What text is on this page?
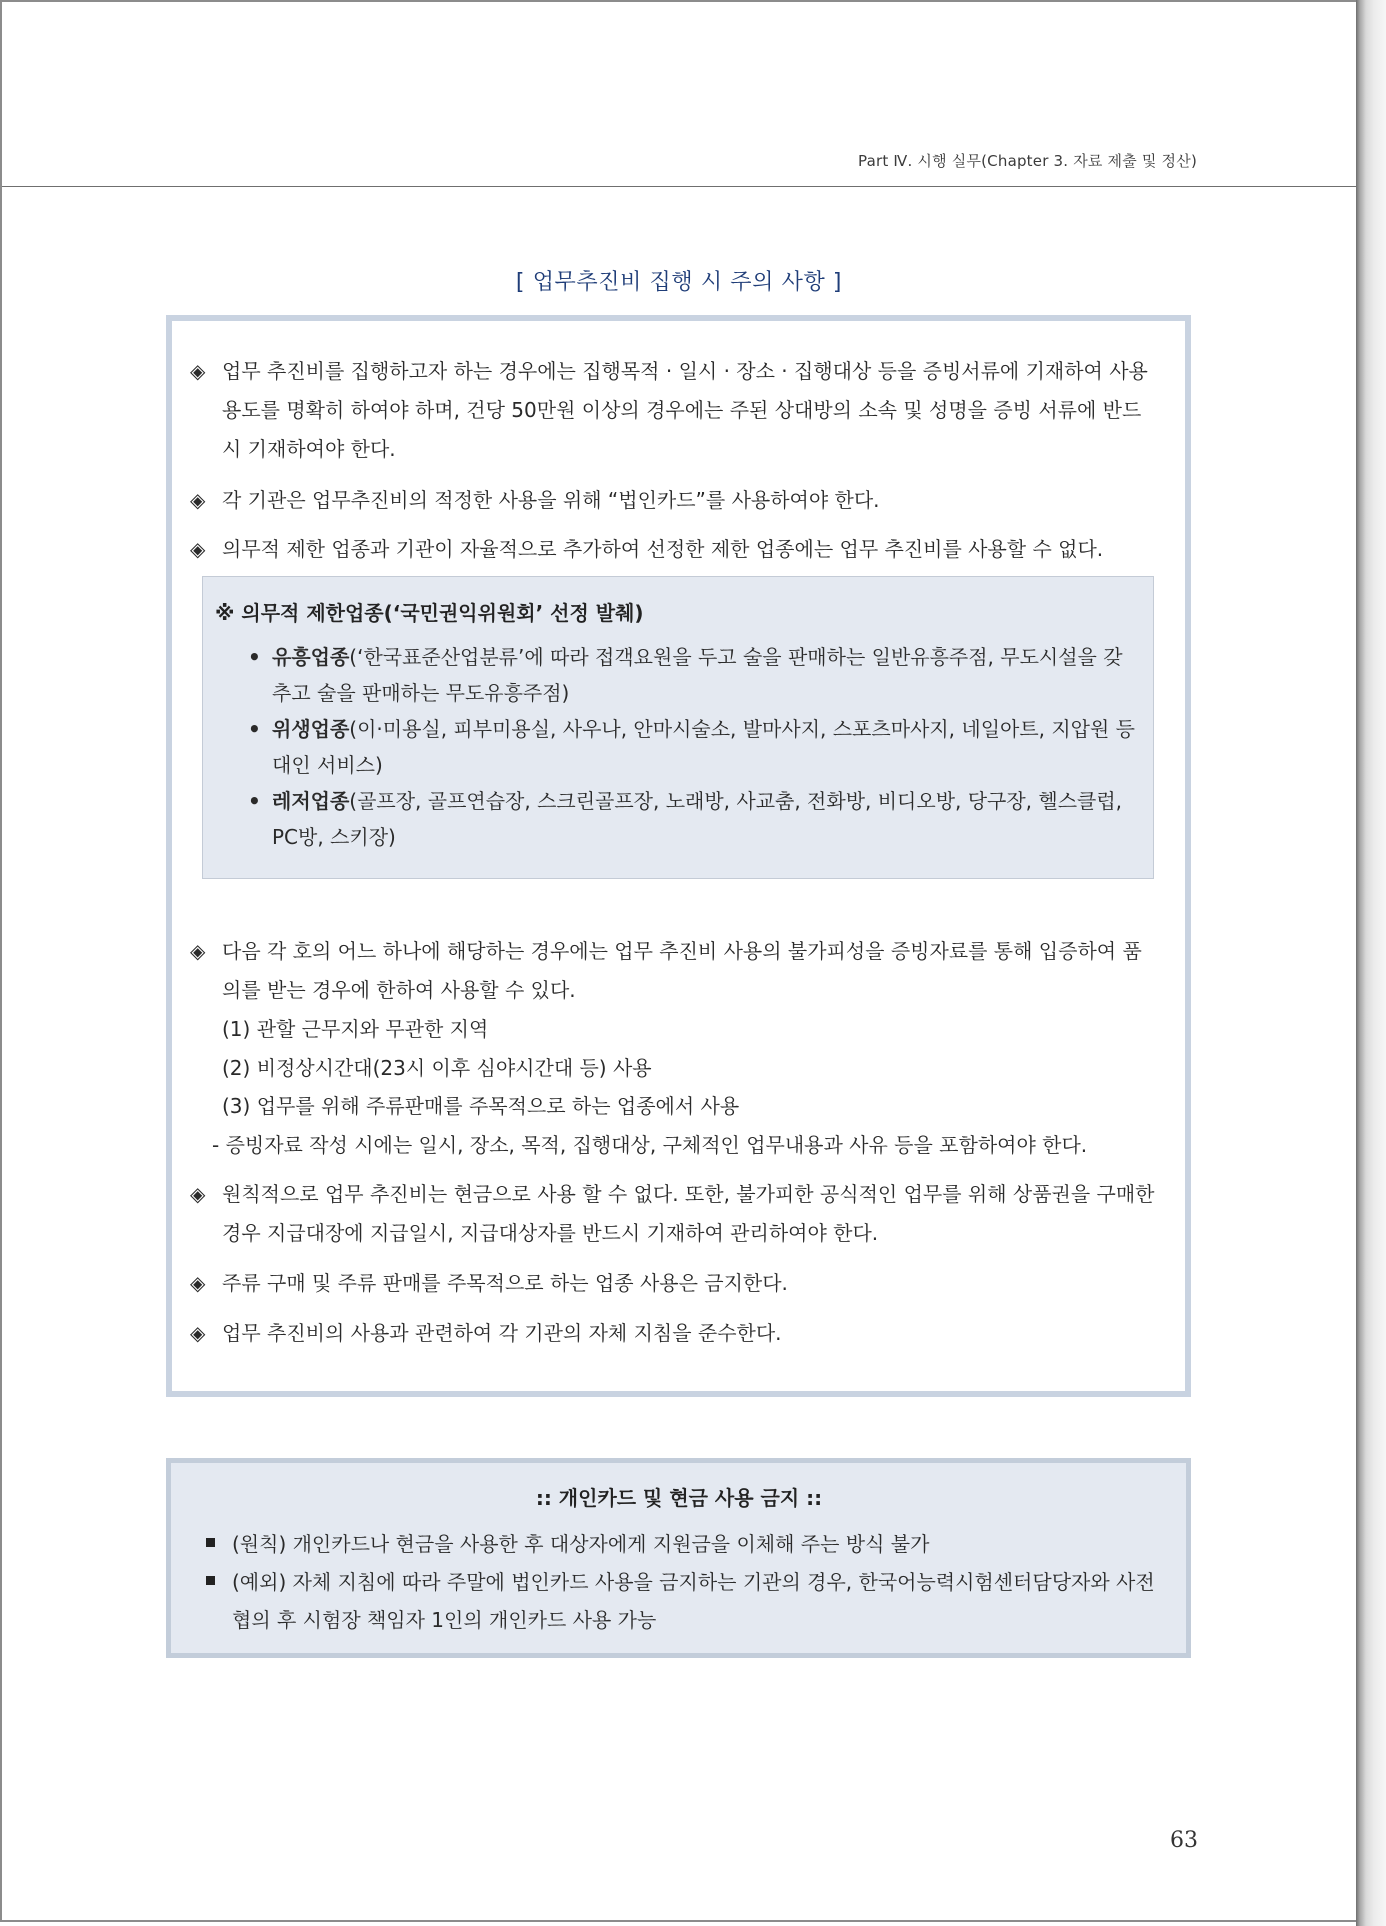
Part Ⅳ. 시행 실무(Chapter 3. 자료 제출 및 정산)
[ 업무추진비 집행 시 주의 사항 ]
◈ 업무 추진비를 집행하고자 하는 경우에는 집행목적 · 일시 · 장소 · 집행대상 등을 증빙서류에 기재하여 사용용도를 명확히 하여야 하며, 건당 50만원 이상의 경우에는 주된 상대방의 소속 및 성명을 증빙 서류에 반드시 기재하여야 한다.
◈ 각 기관은 업무추진비의 적정한 사용을 위해 “법인카드”를 사용하여야 한다.
◈ 의무적 제한 업종과 기관이 자율적으로 추가하여 선정한 제한 업종에는 업무 추진비를 사용할 수 없다.
※ 의무적 제한업종(‘국민권익위원회’ 선정 발췌)
• 유흥업종(‘한국표준산업분류’에 따라 접객요원을 두고 술을 판매하는 일반유흥주점, 무도시설을 갖추고 술을 판매하는 무도유흥주점)
• 위생업종(이·미용실, 피부미용실, 사우나, 안마시술소, 발마사지, 스포츠마사지, 네일아트, 지압원 등 대인 서비스)
• 레저업종(골프장, 골프연습장, 스크린골프장, 노래방, 사교춤, 전화방, 비디오방, 당구장, 헬스클럽, PC방, 스키장)
◈ 다음 각 호의 어느 하나에 해당하는 경우에는 업무 추진비 사용의 불가피성을 증빙자료를 통해 입증하여 품의를 받는 경우에 한하여 사용할 수 있다.
(1) 관할 근무지와 무관한 지역
(2) 비정상시간대(23시 이후 심야시간대 등) 사용
(3) 업무를 위해 주류판매를 주목적으로 하는 업종에서 사용
- 증빙자료 작성 시에는 일시, 장소, 목적, 집행대상, 구체적인 업무내용과 사유 등을 포함하여야 한다.
◈ 원칙적으로 업무 추진비는 현금으로 사용 할 수 없다. 또한, 불가피한 공식적인 업무를 위해 상품권을 구매한 경우 지급대장에 지급일시, 지급대상자를 반드시 기재하여 관리하여야 한다.
◈ 주류 구매 및 주류 판매를 주목적으로 하는 업종 사용은 금지한다.
◈ 업무 추진비의 사용과 관련하여 각 기관의 자체 지침을 준수한다.
:: 개인카드 및 현금 사용 금지 ::
(원칙) 개인카드나 현금을 사용한 후 대상자에게 지원금을 이체해 주는 방식 불가
(예외) 자체 지침에 따라 주말에 법인카드 사용을 금지하는 기관의 경우, 한국어능력시험센터담당자와 사전 협의 후 시험장 책임자 1인의 개인카드 사용 가능
63
